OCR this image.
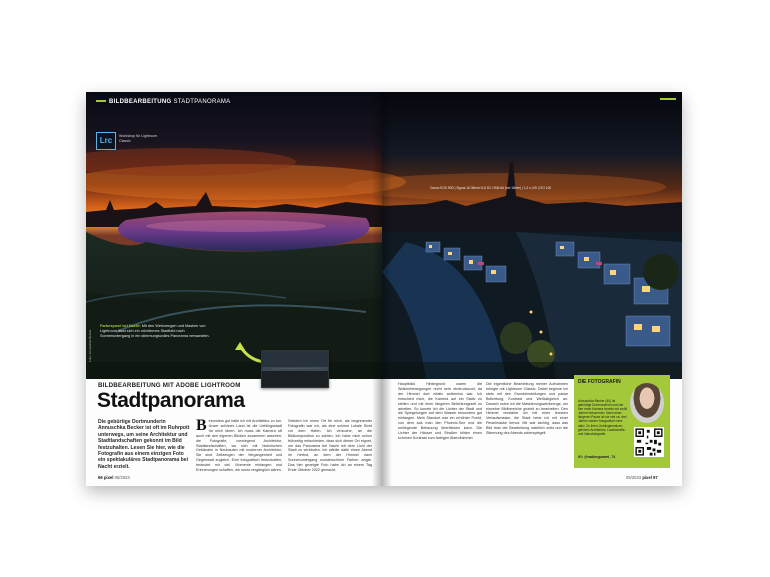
BILDBEARBEITUNG STADTPANORAMA
Lrc	Workshop für Lightroom Classic
Canon EOS 90D | Sigma 18-35mm f1,8 DC HSM Art (bei 18mm) | 1,3 s | f/8 | ISO 100
Farbexposé bei Nacht: Mit den Werkzeugen und Masken von Lightroom lässt sich ein nüchternes Stadtbild nach Sonnenuntergang in ein stimmungsvolles Panorama verwandeln.
Foto: Annuschka Becker
BILDBEARBEITUNG MIT ADOBE LIGHTROOM
Stadtpanorama
Die gebürtige Dortmunderin Annuschka Becker ist oft im Ruhrpott unterwegs, um seine Architektur und Stadtlandschaften gekonnt im Bild festzuhalten. Lesen Sie hier, wie die Fotografin aus einem einzigen Foto ein spektakuläres Stadtpanorama bei Nacht erzielt.
Besonders gut halte ich mit Architektur zu tun. Unser schönes Land ist die Lieblingsstadt für mich Ideen. Ich muss die Kamera oft auch mit den eigenen Blicken zusammen ansehen; die Fotografie, vorwiegend Architektur, Stadtlandschaften, wo sich mit historischen Gebäuden in Neubauten mit moderner Architektur. Sie sind Zeitzeugen der Vergangenheit und Gegenwart zugleich. Eine fotografisch festzuhalten, bedeutet mir viel. Momente einfangen und Erinnerungen schaffen, die sonst vergänglich wären.
Seitdem ich einen Ort für mich, als beginnender Fotografin war ich, als eine schöne Lokale Sicht vor dem Hafen. Ich versuche, an die Bildkomposition zu achten. Ich habe mich schon frühzeitig entschieden, dass sich dieser Ort eignet, um das Panorama bei Nacht mit dem Licht der Stadt zu verbinden. Ich wählte dafür einen Abend im Herbst, an dem der Himmel nach Sonnenuntergang wunderschöne Farben zeigte. Das hier gezeigte Foto habe ich an einem Tag Ende Oktober 2022 gemacht.
Hauptblick Hintergrund waren die Wolkenbewegungen recht sehr eindrucksvoll, da der Himmel dort relativ wolkenlos war. Ich entschied mich, die Kamera auf ein Stativ zu stellen und mit einer längeren Belichtungszeit zu arbeiten. So konnte ich die Lichter der Stadt und die Spiegelungen auf dem Wasser besonders gut einfangen. Mein Standort war ein erhöhter Punkt, von dem aus man den Phoenix-See und die umliegende Bebauung überblicken kann. Die Lichter der Häuser und Straßen bilden einen schönen Kontrast zum farbigen Abendhimmel.
Die eigentliche Bearbeitung meiner Aufnahmen erfolgte mit Lightroom Classic. Dabei beginne ich stets mit den Grundeinstellungen und passe Belichtung, Kontrast und Weißabgleich an. Danach nutze ich die Maskierungswerkzeuge, um einzelne Bildbereiche gezielt zu bearbeiten. Den Himmel verstärke ich mit einer linearen Verlaufsmaske, die Stadt hebe ich mit einer Pinselmaske hervor. Mir war wichtig, dass das Bild trotz der Bearbeitung natürlich wirkt und die Stimmung des Abends widerspiegelt.
96 pixel 05/2023	05/2023 pixel 97
DIE FOTOGRAFIN
Annuschka Becker (40) ist gebürtige Dortmunderin und hat ihre erste Kamera bereits mit zwölf Jahren bekommen. Nach einer längeren Pause ist sie seit ca. drei Jahren wieder fotografisch sehr aktiv. Zu ihren Lieblingsmotiven gehören Architektur, Landschafts- und Naturfotografie.
IG: @radiergummi_74
